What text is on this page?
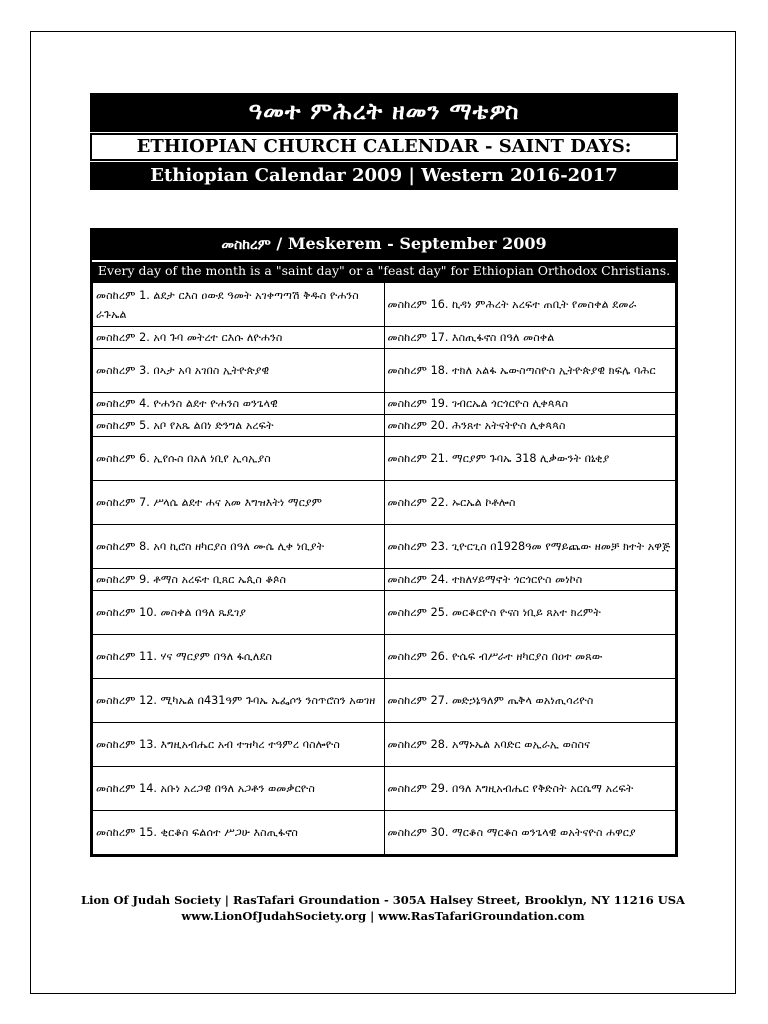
ዓመተ ምሕረት ዘመን ማቴዎስ
ETHIOPIAN CHURCH CALENDAR - SAINT DAYS:
Ethiopian Calendar 2009 | Western 2016-2017
መስከረም / Meskerem - September 2009
Every day of the month is a "saint day" or a "feast day" for Ethiopian Orthodox Christians.
መስከረም 1. ልደታ ርእስ ዐውደ ዓመት አገቀጣጣሽ ቅዱስ ዮሐንስ ራጉኤል	መስከረም 16. ኪዳነ ምሕረት አረፍተ ጠቢት የመስቀል ደመራ
መስከረም 2. አባ ጉባ መትረተ ርእሱ ለዮሐንስ	መስከረም 17. እስጢፋኖስ በዓለ መስቀል
መስከረም 3. በኣታ አባ አገበስ ኢትዮጵያዊ	መስከረም 18. ተክለ አልፋ ኤውስጣስዮስ ኢትዮጵያዊ ክፍሌ ባሕር
መስከረም 4. ዮሐንስ ልደተ ዮሐንስ ወንጌላዊ	መስከረም 19. ገብርኤል ጎርጎርዮስ ሊቀጳጳስ
መስከረም 5. አቦ የአጼ ልበነ ድንግል አረፍት	መስከረም 20. ሕንጸተ አትናትዮስ ሊቀጳጳስ
መስከረም 6. ኢየሱስ በአለ ነቢየ ኢሳኢያስ	መስከረም 21. ማርያም ጉባኤ 318 ሊቃውንት በኒቂያ
መስከረም 7. ሥላሴ ልደተ ሐና አመ እግዝእትነ ማርያም	መስከረም 22. ኡርኤል ኮቶሎስ
መስከረም 8. አባ ኪሮስ ዘካርያስ በዓለ ሙሴ ሊቀ ነቢያት	መስከረም 23. ጊዮርጊስ በ1928ዓመ የማይጨው ዘመቻ ክተት አዋጅ
መስከረም 9. ቶማስ አረፍተ ቢጸር ኤጲስ ቆጶስ	መስከረም 24. ተክለሃይማኖት ጎርጎርዮስ መነኮስ
መስከረም 10. መስቀል በዓለ ጼዴገያ	መስከረም 25. መርቆርዮስ ዮናስ ነቢይ ጸአተ ክረምት
መስከረም 11. ሃና ማርያም በዓለ ፋሲለደስ	መስከረም 26. ዮሴፍ ብሥራተ ዘካርያስ በዐተ መጸው
መስከረም 12. ሚካኤል በ431ዓም ጉባኤ ኤፌሶን ንስጥሮስን አወገዘ	መስከረም 27. መድኃኔዓለም ጤቅላ ወአነጢሳሪዮስ
መስከረም 13. እግዚአብሔር አብ ተዝካረ ተዓምረ ባስሎዮስ	መስከረም 28. አማኑኤል አባድር ወኢራኢ ወስስና
መስከረም 14. አቡነ አረጋዊ በዓለ አጋቶን ወመቃርዮስ	መስከረም 29. በዓለ እግዚአብሔር የቅድስት አርሴማ አረፍት
መስከረም 15. ቂርቆስ ፍልሰተ ሥጋሁ እስጢፋኖስ	መስከረም 30. ማርቆስ ማርቆስ ወንጌላዊ ወአትናዮስ ሐዋርያ
Lion Of Judah Society | RasTafari Groundation - 305A Halsey Street, Brooklyn, NY 11216 USA
www.LionOfJudahSociety.org | www.RasTafariGroundation.com
